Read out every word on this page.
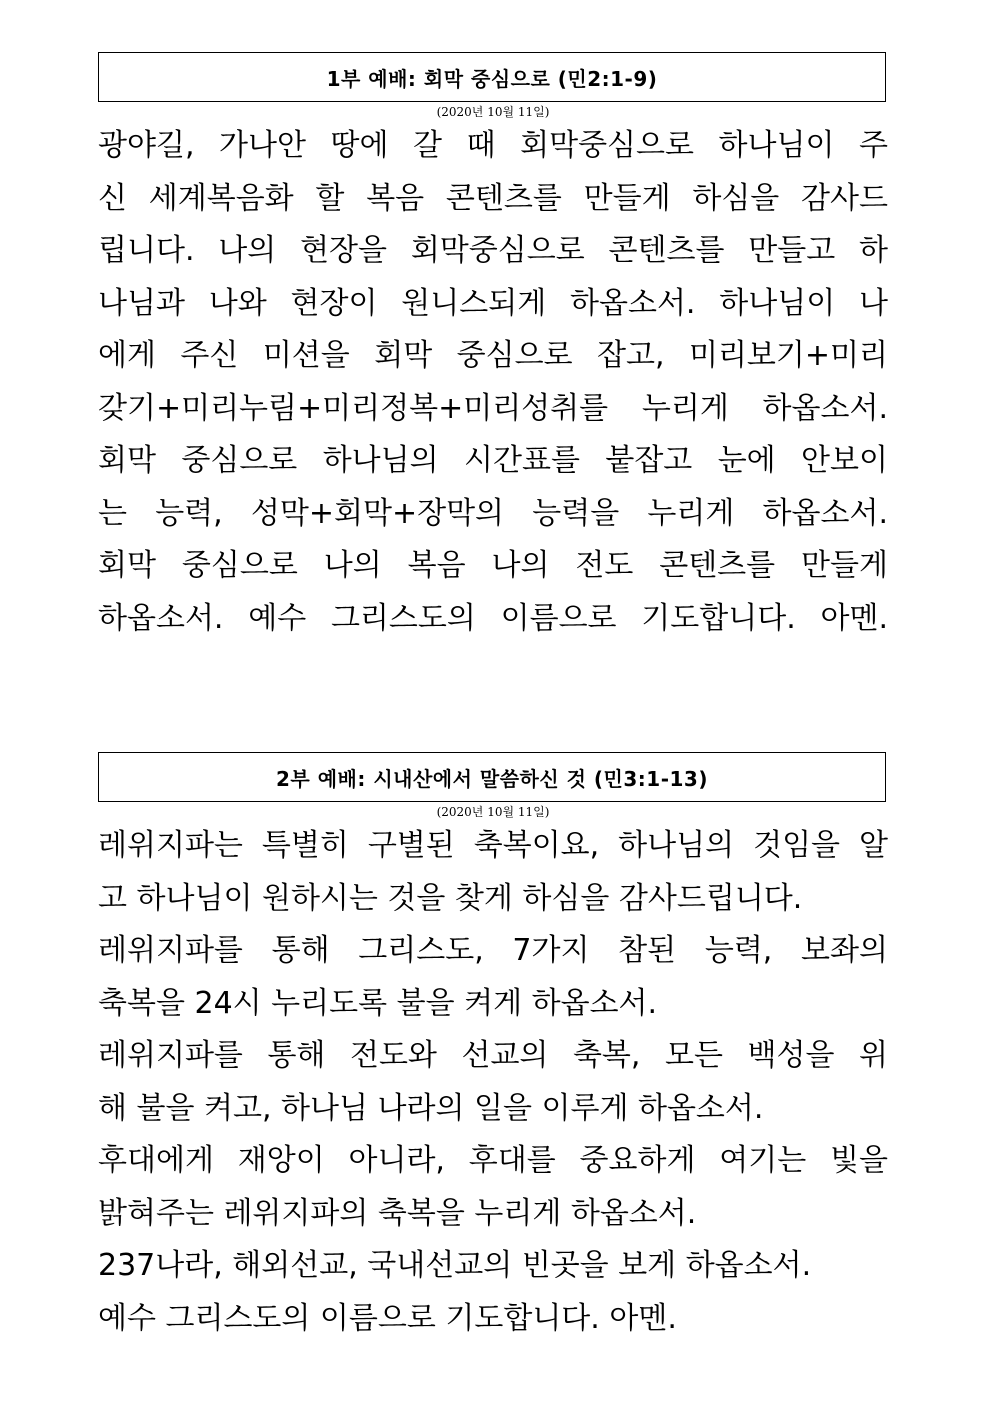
1부 예배: 회막 중심으로 (민2:1-9)
(2020년 10월 11일)
광야길, 가나안 땅에 갈 때 회막중심으로 하나님이 주
신 세계복음화 할 복음 콘텐츠를 만들게 하심을 감사드
립니다. 나의 현장을 회막중심으로 콘텐츠를 만들고 하
나님과 나와 현장이 원니스되게 하옵소서. 하나님이 나
에게 주신 미션을 회막 중심으로 잡고, 미리보기+미리
갖기+미리누림+미리정복+미리성취를 누리게 하옵소서.
회막 중심으로 하나님의 시간표를 붙잡고 눈에 안보이
는 능력, 성막+회막+장막의 능력을 누리게 하옵소서.
회막 중심으로 나의 복음 나의 전도 콘텐츠를 만들게
하옵소서. 예수 그리스도의 이름으로 기도합니다. 아멘.
2부 예배: 시내산에서 말씀하신 것 (민3:1-13)
(2020년 10월 11일)
레위지파는 특별히 구별된 축복이요, 하나님의 것임을 알
고 하나님이 원하시는 것을 찾게 하심을 감사드립니다.
레위지파를 통해 그리스도, 7가지 참된 능력, 보좌의
축복을 24시 누리도록 불을 켜게 하옵소서.
레위지파를 통해 전도와 선교의 축복, 모든 백성을 위
해 불을 켜고, 하나님 나라의 일을 이루게 하옵소서.
후대에게 재앙이 아니라, 후대를 중요하게 여기는 빛을
밝혀주는 레위지파의 축복을 누리게 하옵소서.
237나라, 해외선교, 국내선교의 빈곳을 보게 하옵소서.
예수 그리스도의 이름으로 기도합니다. 아멘.
